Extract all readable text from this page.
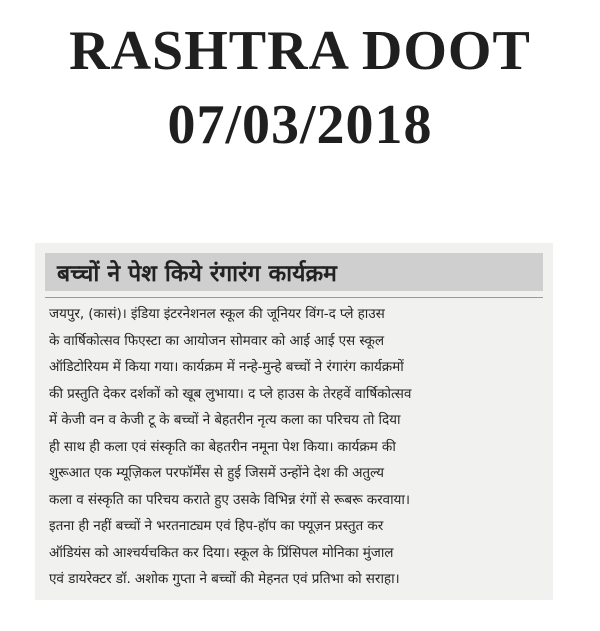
RASHTRA DOOT
07/03/2018
बच्चों ने पेश किये रंगारंग कार्यक्रम
जयपुर, (कासं)। इंडिया इंटरनेशनल स्कूल की जूनियर विंग-द प्ले हाउस
के वार्षिकोत्सव फिएस्टा का आयोजन सोमवार को आई आई एस स्कूल
ऑडिटोरियम में किया गया। कार्यक्रम में नन्हे-मुन्हे बच्चों ने रंगारंग कार्यक्रमों
की प्रस्तुति देकर दर्शकों को खूब लुभाया। द प्ले हाउस के तेरहवें वार्षिकोत्सव
में केजी वन व केजी टू के बच्चों ने बेहतरीन नृत्य कला का परिचय तो दिया
ही साथ ही कला एवं संस्कृति का बेहतरीन नमूना पेश किया। कार्यक्रम की
शुरूआत एक म्यूज़िकल परफॉर्मेंस से हुई जिसमें उन्होंने देश की अतुल्य
कला व संस्कृति का परिचय कराते हुए उसके विभिन्न रंगों से रूबरू करवाया।
इतना ही नहीं बच्चों ने भरतनाट्यम एवं हिप-हॉप का फ्यूज़न प्रस्तुत कर
ऑडियंस को आश्चर्यचकित कर दिया। स्कूल के प्रिंसिपल मोनिका मुंजाल
एवं डायरेक्टर डॉ. अशोक गुप्ता ने बच्चों की मेहनत एवं प्रतिभा को सराहा।
